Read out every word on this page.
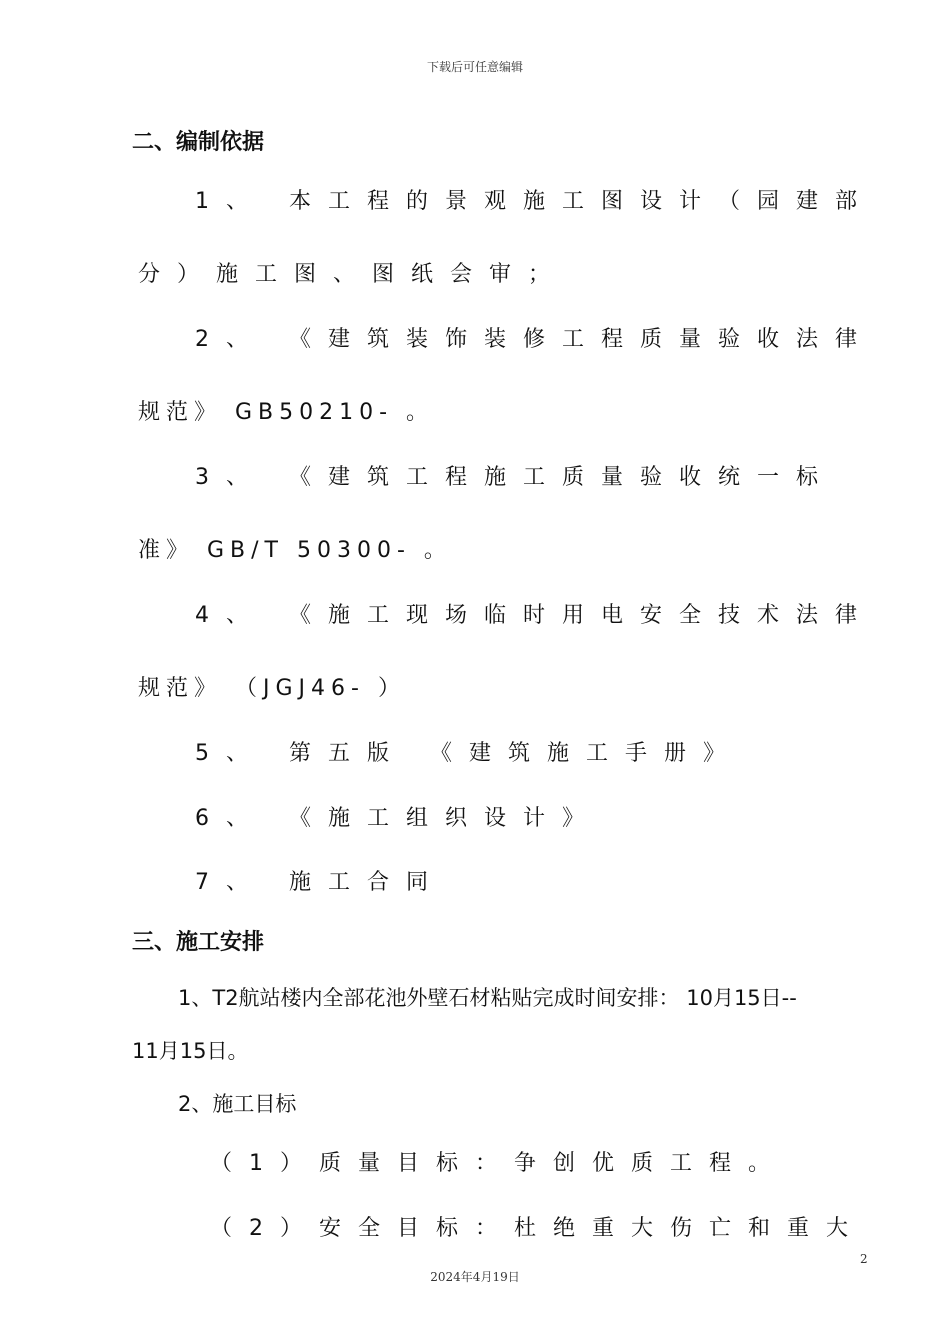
下载后可任意编辑
二、编制依据
1、 本工程的景观施工图设计（园建部
分）施工图、图纸会审；
2、 《建筑装饰装修工程质量验收法律
规范》 GB50210- 。
3、 《建筑工程施工质量验收统一标
准》 GB/T 50300- 。
4、 《施工现场临时用电安全技术法律
规范》 （JGJ46- ）
5、 第五版 《建筑施工手册》
6、 《施工组织设计》
7、 施工合同
三、施工安排
1、T2航站楼内全部花池外壁石材粘贴完成时间安排： 10月15日--
11月15日。
2、施工目标
（1）质量目标：争创优质工程。
（2）安全目标：杜绝重大伤亡和重大
2
2024年4月19日
